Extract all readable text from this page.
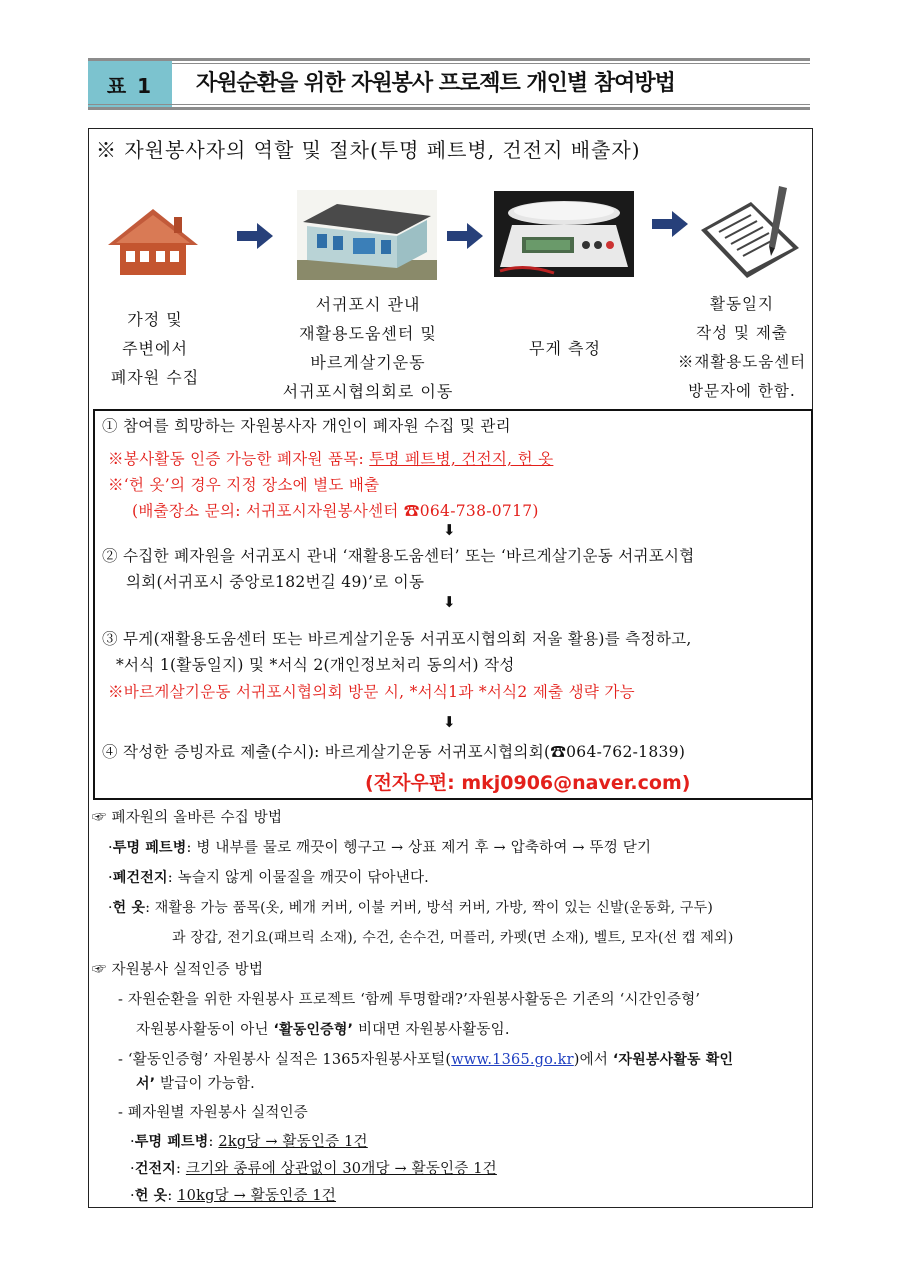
표 1	자원순환을 위한 자원봉사 프로젝트 개인별 참여방법
※ 자원봉사자의 역할 및 절차(투명 페트병, 건전지 배출자)
가정 및
주변에서
폐자원 수집
서귀포시 관내
재활용도움센터 및
바르게살기운동
서귀포시협의회로 이동
무게 측정
활동일지
작성 및 제출
※재활용도움센터
방문자에 한함.
① 참여를 희망하는 자원봉사자 개인이 폐자원 수집 및 관리
※봉사활동 인증 가능한 폐자원 품목: 투명 페트병, 건전지, 헌 옷
※‘헌 옷’의 경우 지정 장소에 별도 배출
(배출장소 문의: 서귀포시자원봉사센터 ☎064-738-0717)
⬇
② 수집한 폐자원을 서귀포시 관내 ‘재활용도움센터’ 또는 ‘바르게살기운동 서귀포시협
의회(서귀포시 중앙로182번길 49)’로 이동
⬇
③ 무게(재활용도움센터 또는 바르게살기운동 서귀포시협의회 저울 활용)를 측정하고,
*서식 1(활동일지) 및 *서식 2(개인정보처리 동의서) 작성
※바르게살기운동 서귀포시협의회 방문 시, *서식1과 *서식2 제출 생략 가능
⬇
④ 작성한 증빙자료 제출(수시): 바르게살기운동 서귀포시협의회(☎064-762-1839)
(전자우편: mkj0906@naver.com)
☞ 폐자원의 올바른 수집 방법
·투명 페트병: 병 내부를 물로 깨끗이 헹구고 → 상표 제거 후 → 압축하여 → 뚜껑 닫기
·폐건전지: 녹슬지 않게 이물질을 깨끗이 닦아낸다.
·헌 옷: 재활용 가능 품목(옷, 베개 커버, 이불 커버, 방석 커버, 가방, 짝이 있는 신발(운동화, 구두)
과 장갑, 전기요(패브릭 소재), 수건, 손수건, 머플러, 카펫(면 소재), 벨트, 모자(선 캡 제외)
☞ 자원봉사 실적인증 방법
- 자원순환을 위한 자원봉사 프로젝트 ‘함께 투명할래?’자원봉사활동은 기존의 ‘시간인증형’
자원봉사활동이 아닌 ‘활동인증형’ 비대면 자원봉사활동임.
- ‘활동인증형’ 자원봉사 실적은 1365자원봉사포털(www.1365.go.kr)에서 ‘자원봉사활동 확인
서’ 발급이 가능함.
- 폐자원별 자원봉사 실적인증
·투명 페트병: 2kg당 → 활동인증 1건
·건전지: 크기와 종류에 상관없이 30개당 → 활동인증 1건
·헌 옷: 10kg당 → 활동인증 1건
